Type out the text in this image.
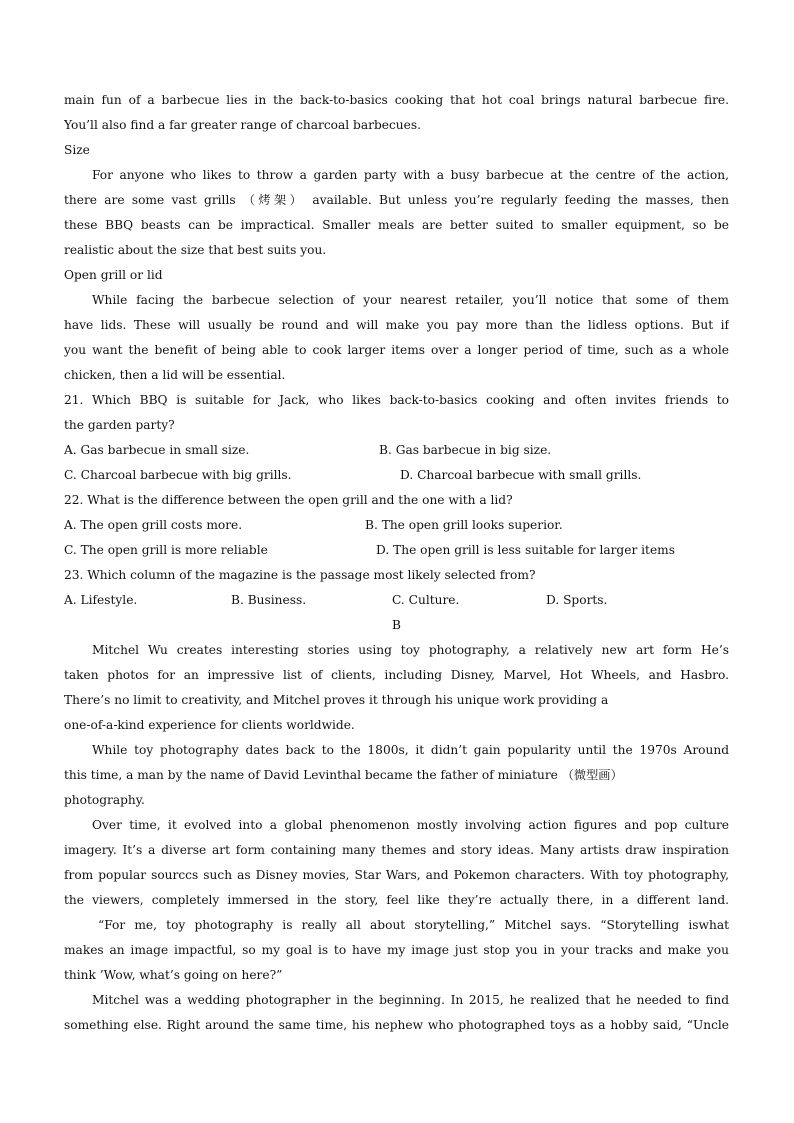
main fun of a barbecue lies in the back-to-basics cooking that hot coal brings natural barbecue fire.
You’ll also find a far greater range of charcoal barbecues.
Size
For anyone who likes to throw a garden party with a busy barbecue at the centre of the action,
there are some vast grills （烤架） available. But unless you’re regularly feeding the masses, then
these BBQ beasts can be impractical. Smaller meals are better suited to smaller equipment, so be
realistic about the size that best suits you.
Open grill or lid
While facing the barbecue selection of your nearest retailer, you’ll notice that some of them
have lids. These will usually be round and will make you pay more than the lidless options. But if
you want the benefit of being able to cook larger items over a longer period of time, such as a whole
chicken, then a lid will be essential.
21. Which BBQ is suitable for Jack, who likes back-to-basics cooking and often invites friends to
the garden party?
A. Gas barbecue in small size.	B. Gas barbecue in big size.
C. Charcoal barbecue with big grills.	D. Charcoal barbecue with small grills.
22. What is the difference between the open grill and the one with a lid?
A. The open grill costs more.	B. The open grill looks superior.
C. The open grill is more reliable	D. The open grill is less suitable for larger items
23. Which column of the magazine is the passage most likely selected from?
A. Lifestyle.	B. Business.	C. Culture.	D. Sports.
B
Mitchel Wu creates interesting stories using toy photography, a relatively new art form He’s
taken photos for an impressive list of clients, including Disney, Marvel, Hot Wheels, and Hasbro.
There’s no limit to creativity, and Mitchel proves it through his unique work providing a
one-of-a-kind experience for clients worldwide.
While toy photography dates back to the 1800s, it didn’t gain popularity until the 1970s Around
this time, a man by the name of David Levinthal became the father of miniature （微型画）
photography.
Over time, it evolved into a global phenomenon mostly involving action figures and pop culture
imagery. It’s a diverse art form containing many themes and story ideas. Many artists draw inspiration
from popular sourccs such as Disney movies, Star Wars, and Pokemon characters. With toy photography,
the viewers, completely immersed in the story, feel like they’re actually there, in a different land.
“For me, toy photography is really all about storytelling,” Mitchel says. “Storytelling iswhat
makes an image impactful, so my goal is to have my image just stop you in your tracks and make you
think ’Wow, what’s going on here?”
Mitchel was a wedding photographer in the beginning. In 2015, he realized that he needed to find
something else. Right around the same time, his nephew who photographed toys as a hobby said, “Uncle
